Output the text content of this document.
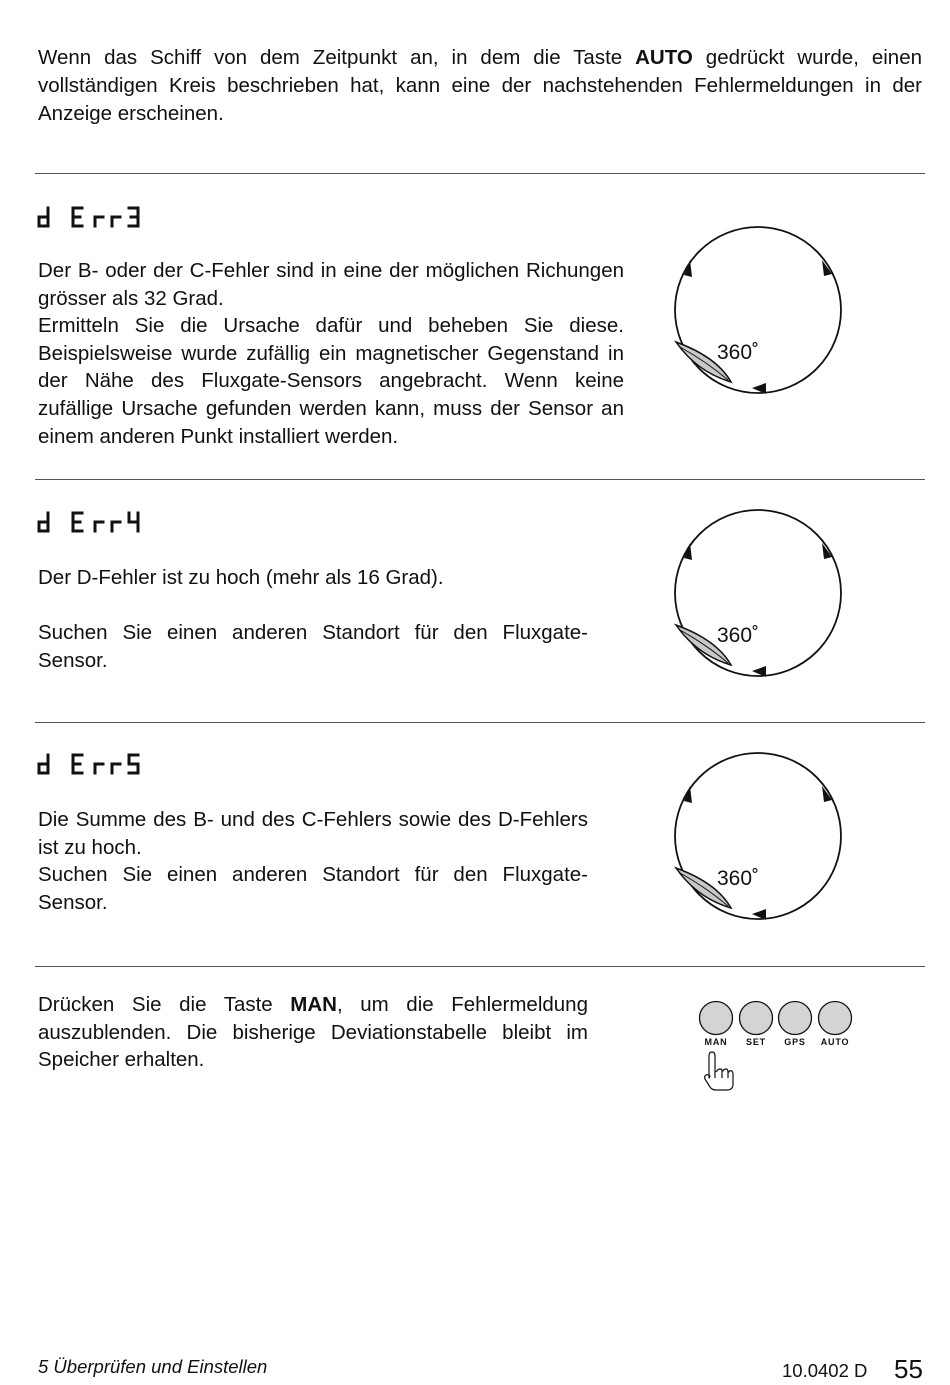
Wenn das Schiff von dem Zeitpunkt an, in dem die Taste AUTO gedrückt wurde, einen vollständigen Kreis beschrieben hat, kann eine der nachstehenden Fehlermeldungen in der Anzeige erscheinen.

Der B- oder der C-Fehler sind in eine der möglichen Richungen grösser als 32 Grad.

Ermitteln Sie die Ursache dafür und beheben Sie diese. Beispielsweise wurde zufällig ein magnetischer Gegenstand in der Nähe des Fluxgate-Sensors angebracht. Wenn keine zufällige Ursache gefunden werden kann, muss der Sensor an einem anderen Punkt installiert werden.

360˚

Der D-Fehler ist zu hoch (mehr als 16 Grad).

Suchen Sie einen anderen Standort für den Fluxgate-Sensor.

360˚

Die Summe des B- und des C-Fehlers sowie des D-Fehlers ist zu hoch.

Suchen Sie einen anderen Standort für den Fluxgate-Sensor.

360˚

Drücken Sie die Taste MAN, um die Fehlermeldung auszublenden. Die bisherige Deviationstabelle bleibt im Speicher erhalten.

MAN SET GPS AUTO
5 Überprüfen und Einstellen	10.0402 D 55
